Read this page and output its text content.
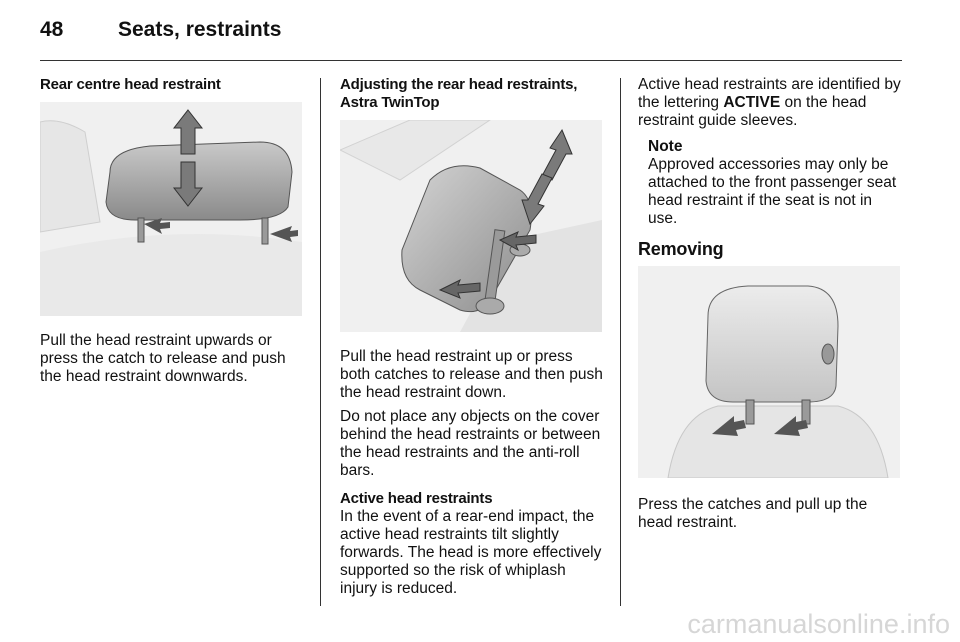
48	Seats, restraints
Rear centre head restraint

Pull the head restraint upwards or press the catch to release and push the head restraint downwards.

Adjusting the rear head restraints, Astra TwinTop

Pull the head restraint up or press both catches to release and then push the head restraint down.

Do not place any objects on the cover behind the head restraints or between the head restraints and the anti-roll bars.

Active head restraints

In the event of a rear-end impact, the active head restraints tilt slightly forwards. The head is more effectively supported so the risk of whiplash injury is reduced.

Active head restraints are identified by the lettering ACTIVE on the head restraint guide sleeves.

Note

Approved accessories may only be attached to the front passenger seat head restraint if the seat is not in use.

Removing

Press the catches and pull up the head restraint.

carmanualsonline.info
